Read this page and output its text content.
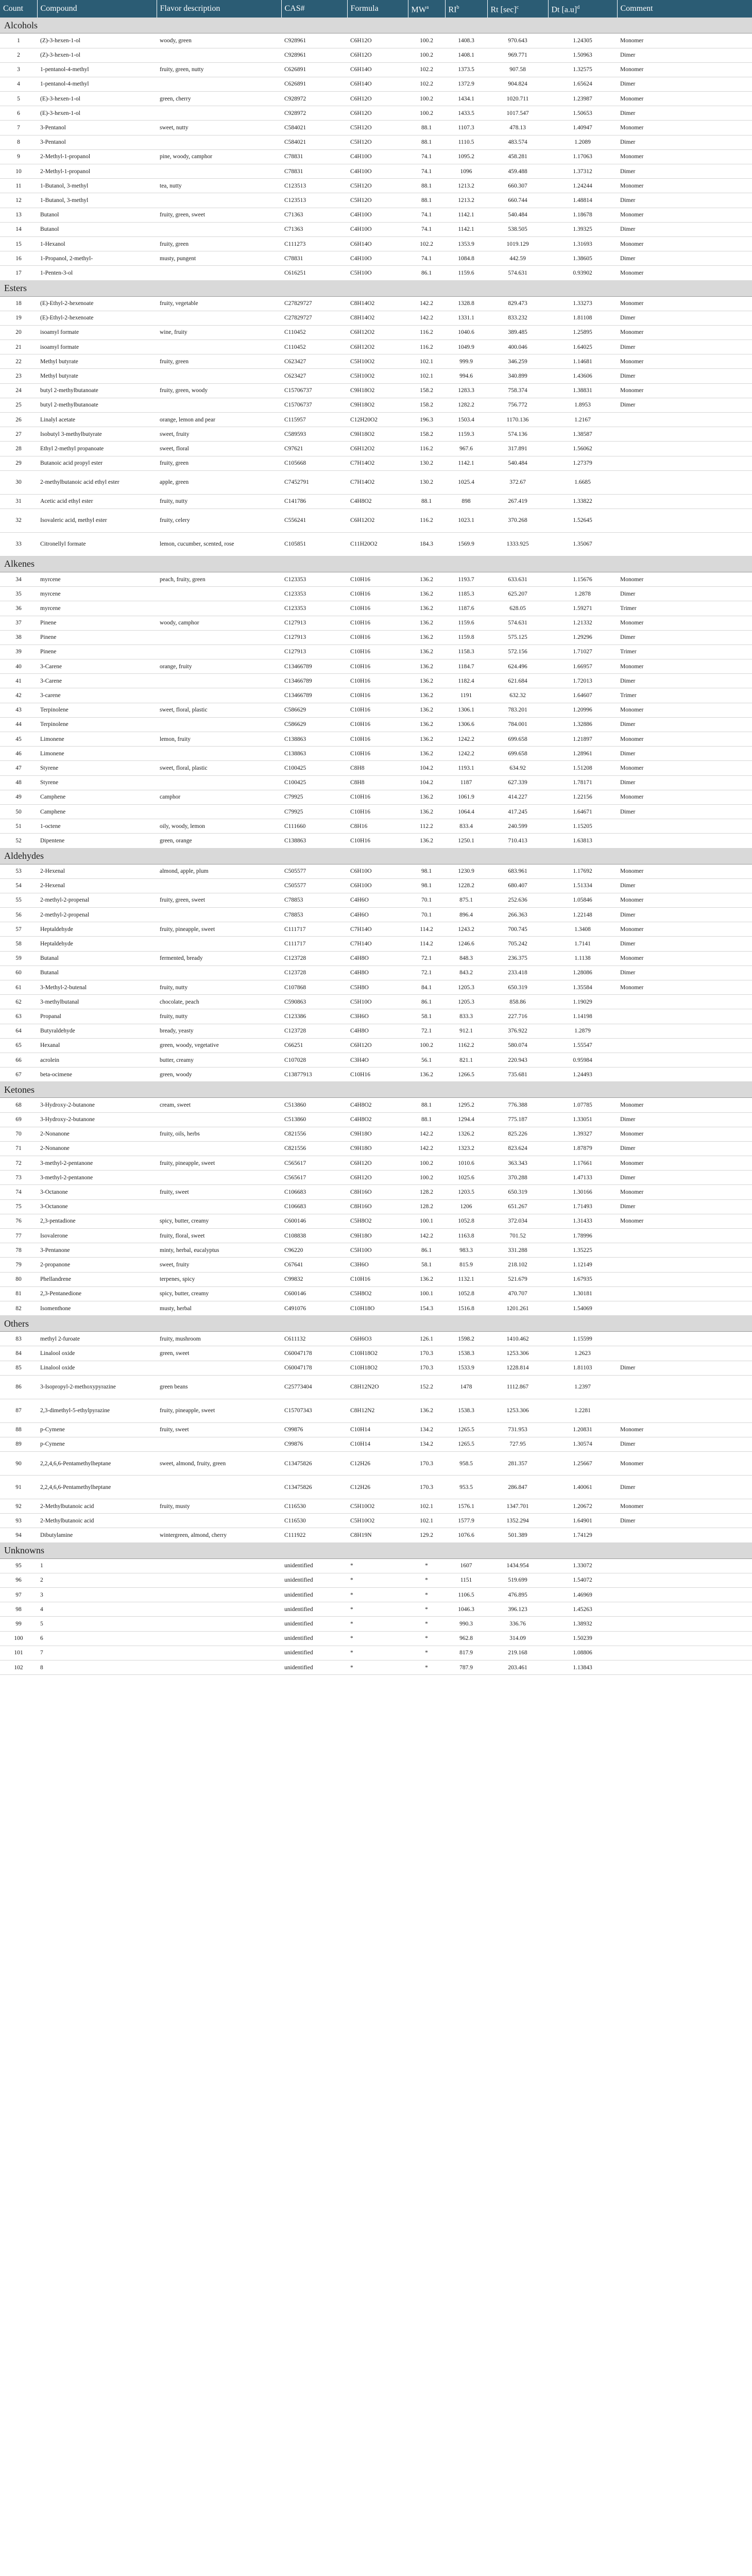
Count	Compound	Flavor description	CAS#	Formula	$MW^a$	$RI^b$	Rt $[\sec]^c$	Dt $[a.u]^d$	Comment
Alcohols									
1	(Z)-3-hexen-1-ol	woody, green	C928961	C6H12O	100.2	1408.3	970.643	1.24305	Monomer
2	(Z)-3-hexen-1-ol		C928961	C6H12O	100.2	1408.1	969.771	1.50963	Dimer
3	1-pentanol-4-methyl	fruity, green, nutty	C626891	C6H14O	102.2	1373.5	907.58	1.32575	Monomer
4	1-pentanol-4-methyl		C626891	C6H14O	102.2	1372.9	904.824	1.65624	Dimer
5	(E)-3-hexen-1-ol	green, cherry	C928972	C6H12O	100.2	1434.1	1020.711	1.23987	Monomer
6	(E)-3-hexen-1-ol		C928972	C6H12O	100.2	1433.5	1017.547	1.50653	Dimer
7	3-Pentanol	sweet, nutty	C584021	C5H12O	88.1	1107.3	478.13	1.40947	Monomer
8	3-Pentanol		C584021	C5H12O	88.1	1110.5	483.574	1.2089	Dimer
9	2-Methyl-1-propanol	pine, woody, camphor	C78831	C4H10O	74.1	1095.2	458.281	1.17063	Monomer
10	2-Methyl-1-propanol		C78831	C4H10O	74.1	1096	459.488	1.37312	Dimer
11	1-Butanol, 3-methyl	tea, nutty	C123513	C5H12O	88.1	1213.2	660.307	1.24244	Monomer
12	1-Butanol, 3-methyl		C123513	C5H12O	88.1	1213.2	660.744	1.48814	Dimer
13	Butanol	fruity, green, sweet	C71363	C4H10O	74.1	1142.1	540.484	1.18678	Monomer
14	Butanol		C71363	C4H10O	74.1	1142.1	538.505	1.39325	Dimer
15	1-Hexanol	fruity, green	C111273	C6H14O	102.2	1353.9	1019.129	1.31693	Monomer
16	1-Propanol, 2-methyl-	musty, pungent	C78831	C4H10O	74.1	1084.8	442.59	1.38605	Dimer
17	1-Penten-3-ol		C616251	C5H10O	86.1	1159.6	574.631	0.93902	Monomer
Esters									
18	(E)-Ethyl-2-hexenoate	fruity, vegetable	C27829727	C8H14O2	142.2	1328.8	829.473	1.33273	Monomer
19	(E)-Ethyl-2-hexenoate		C27829727	C8H14O2	142.2	1331.1	833.232	1.81108	Dimer
20	isoamyl formate	wine, fruity	C110452	C6H12O2	116.2	1040.6	389.485	1.25895	Monomer
21	isoamyl formate		C110452	C6H12O2	116.2	1049.9	400.046	1.64025	Dimer
22	Methyl butyrate	fruity, green	C623427	C5H10O2	102.1	999.9	346.259	1.14681	Monomer
23	Methyl butyrate		C623427	C5H10O2	102.1	994.6	340.899	1.43606	Dimer
24	butyl 2-methylbutanoate	fruity, green, woody	C15706737	C9H18O2	158.2	1283.3	758.374	1.38831	Monomer
25	butyl 2-methylbutanoate		C15706737	C9H18O2	158.2	1282.2	756.772	1.8953	Dimer
26	Linalyl acetate	orange, lemon and pear	C115957	C12H20O2	196.3	1503.4	1170.136	1.2167	
27	Isobutyl 3-methylbutyrate	sweet, fruity	C589593	C9H18O2	158.2	1159.3	574.136	1.38587	
28	Ethyl 2-methyl propanoate	sweet, floral	C97621	C6H12O2	116.2	967.6	317.891	1.56062	
29	Butanoic acid propyl ester	fruity, green	C105668	C7H14O2	130.2	1142.1	540.484	1.27379	
30	2-methylbutanoic acid ethyl ester	apple, green	C7452791	C7H14O2	130.2	1025.4	372.67	1.6685	
31	Acetic acid ethyl ester	fruity, nutty	C141786	C4H8O2	88.1	898	267.419	1.33822	
32	Isovaleric acid, methyl ester	fruity, celery	C556241	C6H12O2	116.2	1023.1	370.268	1.52645	
33	Citronellyl formate	lemon, cucumber, scented, rose	C105851	C11H20O2	184.3	1569.9	1333.925	1.35067	
Alkenes									
34	myrcene	peach, fruity, green	C123353	C10H16	136.2	1193.7	633.631	1.15676	Monomer
35	myrcene		C123353	C10H16	136.2	1185.3	625.207	1.2878	Dimer
36	myrcene		C123353	C10H16	136.2	1187.6	628.05	1.59271	Trimer
37	Pinene	woody, camphor	C127913	C10H16	136.2	1159.6	574.631	1.21332	Monomer
38	Pinene		C127913	C10H16	136.2	1159.8	575.125	1.29296	Dimer
39	Pinene		C127913	C10H16	136.2	1158.3	572.156	1.71027	Trimer
40	3-Carene	orange, fruity	C13466789	C10H16	136.2	1184.7	624.496	1.66957	Monomer
41	3-Carene		C13466789	C10H16	136.2	1182.4	621.684	1.72013	Dimer
42	3-carene		C13466789	C10H16	136.2	1191	632.32	1.64607	Trimer
43	Terpinolene	sweet, floral, plastic	C586629	C10H16	136.2	1306.1	783.201	1.20996	Monomer
44	Terpinolene		C586629	C10H16	136.2	1306.6	784.001	1.32886	Dimer
45	Limonene	lemon, fruity	C138863	C10H16	136.2	1242.2	699.658	1.21897	Monomer
46	Limonene		C138863	C10H16	136.2	1242.2	699.658	1.28961	Dimer
47	Styrene	sweet, floral, plastic	C100425	C8H8	104.2	1193.1	634.92	1.51208	Monomer
48	Styrene		C100425	C8H8	104.2	1187	627.339	1.78171	Dimer
49	Camphene	camphor	C79925	C10H16	136.2	1061.9	414.227	1.22156	Monomer
50	Camphene		C79925	C10H16	136.2	1064.4	417.245	1.64671	Dimer
51	1-octene	oily, woody, lemon	C111660	C8H16	112.2	833.4	240.599	1.15205	
52	Dipentene	green, orange	C138863	C10H16	136.2	1250.1	710.413	1.63813	
Aldehydes									
53	2-Hexenal	almond, apple, plum	C505577	C6H10O	98.1	1230.9	683.961	1.17692	Monomer
54	2-Hexenal		C505577	C6H10O	98.1	1228.2	680.407	1.51334	Dimer
55	2-methyl-2-propenal	fruity, green, sweet	C78853	C4H6O	70.1	875.1	252.636	1.05846	Monomer
56	2-methyl-2-propenal		C78853	C4H6O	70.1	896.4	266.363	1.22148	Dimer
57	Heptaldehyde	fruity, pineapple, sweet	C111717	C7H14O	114.2	1243.2	700.745	1.3408	Monomer
58	Heptaldehyde		C111717	C7H14O	114.2	1246.6	705.242	1.7141	Dimer
59	Butanal	fermented, bready	C123728	C4H8O	72.1	848.3	236.375	1.1138	Monomer
60	Butanal		C123728	C4H8O	72.1	843.2	233.418	1.28086	Dimer
61	3-Methyl-2-butenal	fruity, nutty	C107868	C5H8O	84.1	1205.3	650.319	1.35584	Monomer
62	3-methylbutanal	chocolate, peach	C590863	C5H10O	86.1	1205.3	858.86	1.19029	
63	Propanal	fruity, nutty	C123386	C3H6O	58.1	833.3	227.716	1.14198	
64	Butyraldehyde	bready, yeasty	C123728	C4H8O	72.1	912.1	376.922	1.2879	
65	Hexanal	green, woody, vegetative	C66251	C6H12O	100.2	1162.2	580.074	1.55547	
66	acrolein	butter, creamy	C107028	C3H4O	56.1	821.1	220.943	0.95984	
67	beta-ocimene	green, woody	C13877913	C10H16	136.2	1266.5	735.681	1.24493	
Ketones									
68	3-Hydroxy-2-butanone	cream, sweet	C513860	C4H8O2	88.1	1295.2	776.388	1.07785	Monomer
69	3-Hydroxy-2-butanone		C513860	C4H8O2	88.1	1294.4	775.187	1.33051	Dimer
70	2-Nonanone	fruity, oils, herbs	C821556	C9H18O	142.2	1326.2	825.226	1.39327	Monomer
71	2-Nonanone		C821556	C9H18O	142.2	1323.2	823.624	1.87879	Dimer
72	3-methyl-2-pentanone	fruity, pineapple, sweet	C565617	C6H12O	100.2	1010.6	363.343	1.17661	Monomer
73	3-methyl-2-pentanone		C565617	C6H12O	100.2	1025.6	370.288	1.47133	Dimer
74	3-Octanone	fruity, sweet	C106683	C8H16O	128.2	1203.5	650.319	1.30166	Monomer
75	3-Octanone		C106683	C8H16O	128.2	1206	651.267	1.71493	Dimer
76	2,3-pentadione	spicy, butter, creamy	C600146	C5H8O2	100.1	1052.8	372.034	1.31433	Monomer
77	Isovalerone	fruity, floral, sweet	C108838	C9H18O	142.2	1163.8	701.52	1.78996	
78	3-Pentanone	minty, herbal, eucalyptus	C96220	C5H10O	86.1	983.3	331.288	1.35225	
79	2-propanone	sweet, fruity	C67641	C3H6O	58.1	815.9	218.102	1.12149	
80	Phellandrene	terpenes, spicy	C99832	C10H16	136.2	1132.1	521.679	1.67935	
81	2,3-Pentanedione	spicy, butter, creamy	C600146	C5H8O2	100.1	1052.8	470.707	1.30181	
82	Isomenthone	musty, herbal	C491076	C10H18O	154.3	1516.8	1201.261	1.54069	
Others									
83	methyl 2-furoate	fruity, mushroom	C611132	C6H6O3	126.1	1598.2	1410.462	1.15599	
84	Linalool oxide	green, sweet	C60047178	C10H18O2	170.3	1538.3	1253.306	1.2623	
85	Linalool oxide		C60047178	C10H18O2	170.3	1533.9	1228.814	1.81103	Dimer
86	3-Isopropyl-2-methoxypyrazine	green beans	C25773404	C8H12N2O	152.2	1478	1112.867	1.2397	
87	2,3-dimethyl-5-ethylpyrazine	fruity, pineapple, sweet	C15707343	C8H12N2	136.2	1538.3	1253.306	1.2281	
88	p-Cymene	fruity, sweet	C99876	C10H14	134.2	1265.5	731.953	1.20831	Monomer
89	p-Cymene		C99876	C10H14	134.2	1265.5	727.95	1.30574	Dimer
90	2,2,4,6,6-Pentamethylheptane	sweet, almond, fruity, green	C13475826	C12H26	170.3	958.5	281.357	1.25667	Monomer
91	2,2,4,6,6-Pentamethylheptane		C13475826	C12H26	170.3	953.5	286.847	1.40061	Dimer
92	2-Methylbutanoic acid	fruity, musty	C116530	C5H10O2	102.1	1576.1	1347.701	1.20672	Monomer
93	2-Methylbutanoic acid		C116530	C5H10O2	102.1	1577.9	1352.294	1.64901	Dimer
94	Dibutylamine	wintergreen, almond, cherry	C111922	C8H19N	129.2	1076.6	501.389	1.74129	
Unknowns									
95	1		unidentified	*	*	1607	1434.954	1.33072	
96	2		unidentified	*	*	1151	519.699	1.54072	
97	3		unidentified	*	*	1106.5	476.895	1.46969	
98	4		unidentified	*	*	1046.3	396.123	1.45263	
99	5		unidentified	*	*	990.3	336.76	1.38932	
100	6		unidentified	*	*	962.8	314.09	1.50239	
101	7		unidentified	*	*	817.9	219.168	1.08806	
102	8		unidentified	*	*	787.9	203.461	1.13843	
